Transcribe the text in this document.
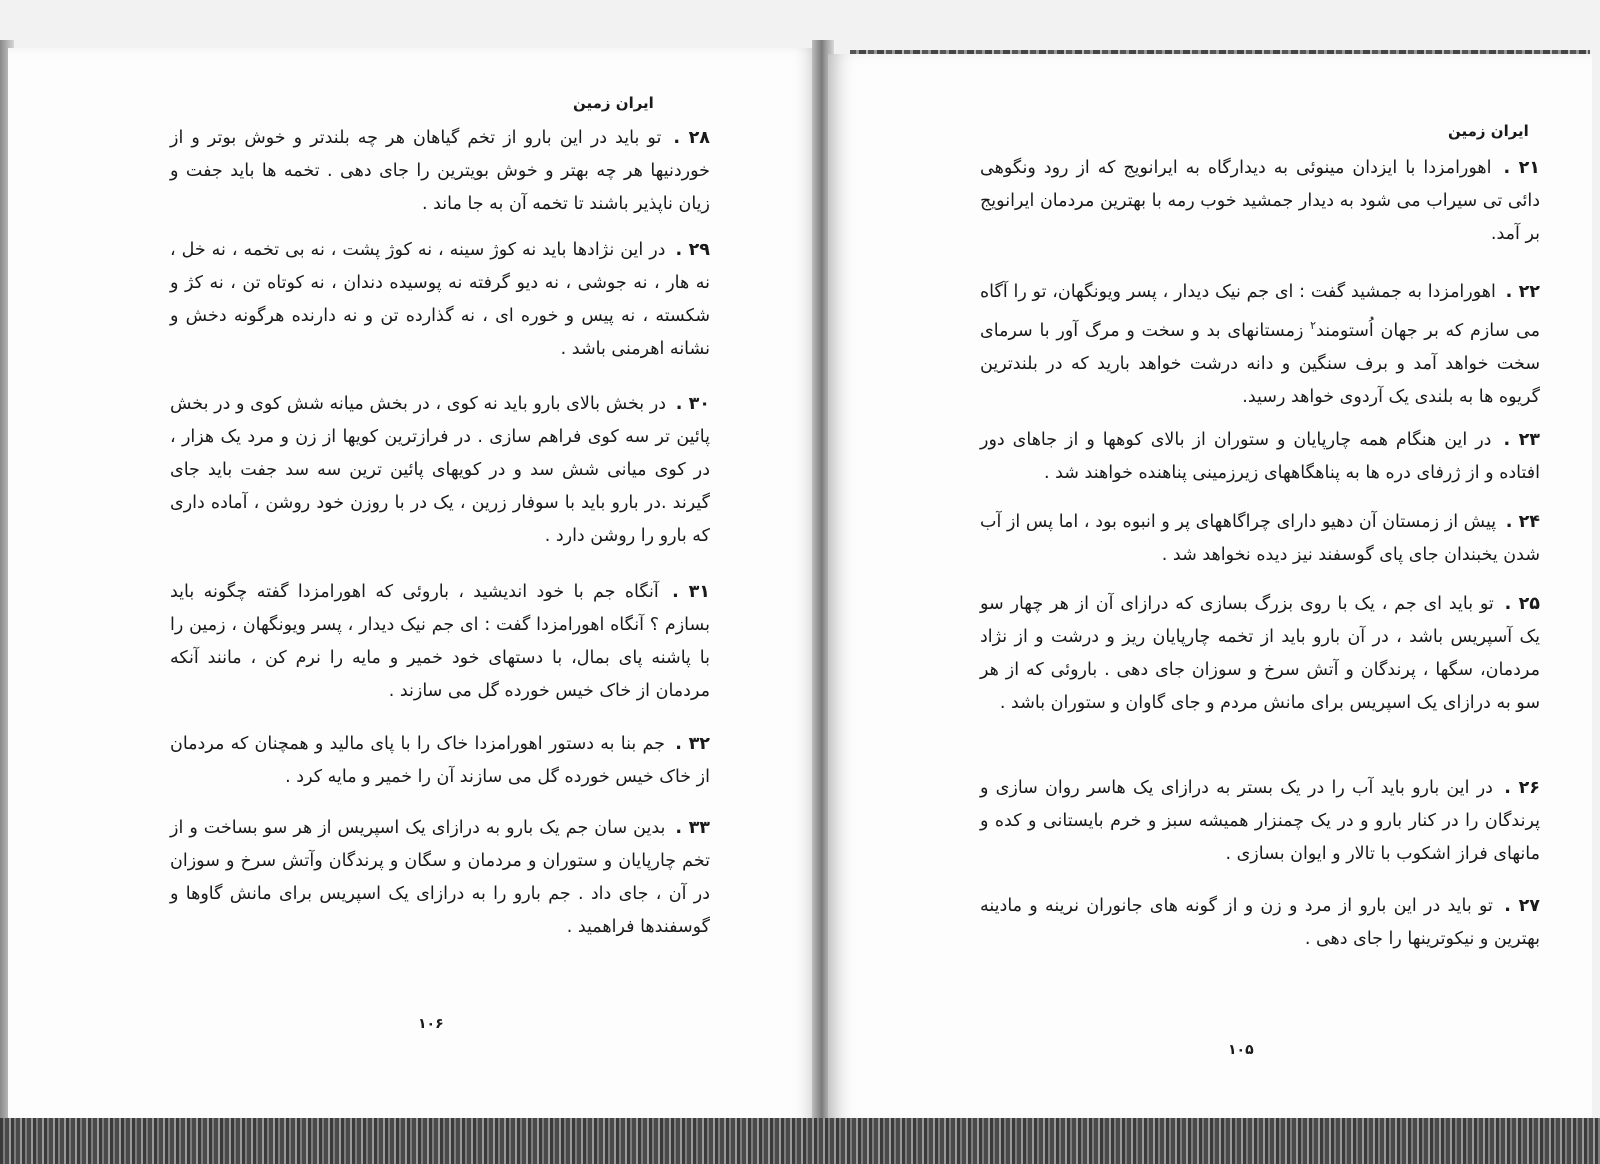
ایران زمین
۲۸ . تو باید در این بارو از تخم گیاهان هر چه بلندتر و خوش بوتر و از خوردنیها هر چه بهتر و خوش بویترین را جای دهی . تخمه ها باید جفت و زیان ناپذیر باشند تا تخمه آن به جا ماند .
۲۹ . در این نژادها باید نه کوژ سینه ، نه کوژ پشت ، نه بی تخمه ، نه خل ، نه هار ، نه جوشی ، نه دیو گرفته نه پوسیده دندان ، نه کوتاه تن ، نه کژ و شکسته ، نه پیس و خوره ای ، نه گذارده تن و نه دارنده هرگونه دخش و نشانه اهرمنی باشد .
۳۰ . در بخش بالای بارو باید نه کوی ، در بخش میانه شش کوی و در بخش پائین تر سه کوی فراهم سازی . در فرازترین کویها از زن و مرد یک هزار ، در کوی میانی شش سد و در کویهای پائین ترین سه سد جفت باید جای گیرند .در بارو باید با سوفار زرین ، یک در با روزن خود روشن ، آماده داری که بارو را روشن دارد .
۳۱ . آنگاه جم با خود اندیشید ، باروئی که اهورامزدا گفته چگونه باید بسازم ؟ آنگاه اهورامزدا گفت : ای جم نیک دیدار ، پسر ویونگهان ، زمین را با پاشنه پای بمال، با دستهای خود خمیر و مایه را نرم کن ، مانند آنکه مردمان از خاک خیس خورده گل می سازند .
۳۲ . جم بنا به دستور اهورامزدا خاک را با پای مالید و همچنان که مردمان از خاک خیس خورده گل می سازند آن را خمیر و مایه کرد .
۳۳ . بدین سان جم یک بارو به درازای یک اسپریس از هر سو بساخت و از تخم چارپایان و ستوران و مردمان و سگان و پرندگان وآتش سرخ و سوزان در آن ، جای داد . جم بارو را به درازای یک اسپریس برای مانش گاوها و گوسفندها فراهمید .
۱۰۶
ایران زمین
۲۱ . اهورامزدا با ایزدان مینوئی به دیدارگاه به ایرانویج که از رود ونگوهی دائی تی سیراب می شود به دیدار جمشید خوب رمه با بهترین مردمان ایرانویج بر آمد.
۲۲ . اهورامزدا به جمشید گفت : ای جم نیک دیدار ، پسر ویونگهان، تو را آگاه می سازم که بر جهان اُستومند$^۲$ زمستانهای بد و سخت و مرگ آور با سرمای سخت خواهد آمد و برف سنگین و دانه درشت خواهد بارید که در بلندترین گریوه ها به بلندی یک آردوی خواهد رسید.
۲۳ . در این هنگام همه چارپایان و ستوران از بالای کوهها و از جاهای دور افتاده و از ژرفای دره ها به پناهگاههای زیرزمینی پناهنده خواهند شد .
۲۴ . پیش از زمستان آن دهیو دارای چراگاههای پر و انبوه بود ، اما پس از آب شدن یخبندان جای پای گوسفند نیز دیده نخواهد شد .
۲۵ . تو باید ای جم ، یک با روی بزرگ بسازی که درازای آن از هر چهار سو یک آسپریس باشد ، در آن بارو باید از تخمه چارپایان ریز و درشت و از نژاد مردمان، سگها ، پرندگان و آتش سرخ و سوزان جای دهی . باروئی که از هر سو به درازای یک اسپریس برای مانش مردم و جای گاوان و ستوران باشد .
۲۶ . در این بارو باید آب را در یک بستر به درازای یک هاسر روان سازی و پرندگان را در کنار بارو و در یک چمنزار همیشه سبز و خرم بایستانی و کده و مانهای فراز اشکوب با تالار و ایوان بسازی .
۲۷ . تو باید در این بارو از مرد و زن و از گونه های جانوران نرینه و مادینه بهترین و نیکوترینها را جای دهی .
۱۰۵
